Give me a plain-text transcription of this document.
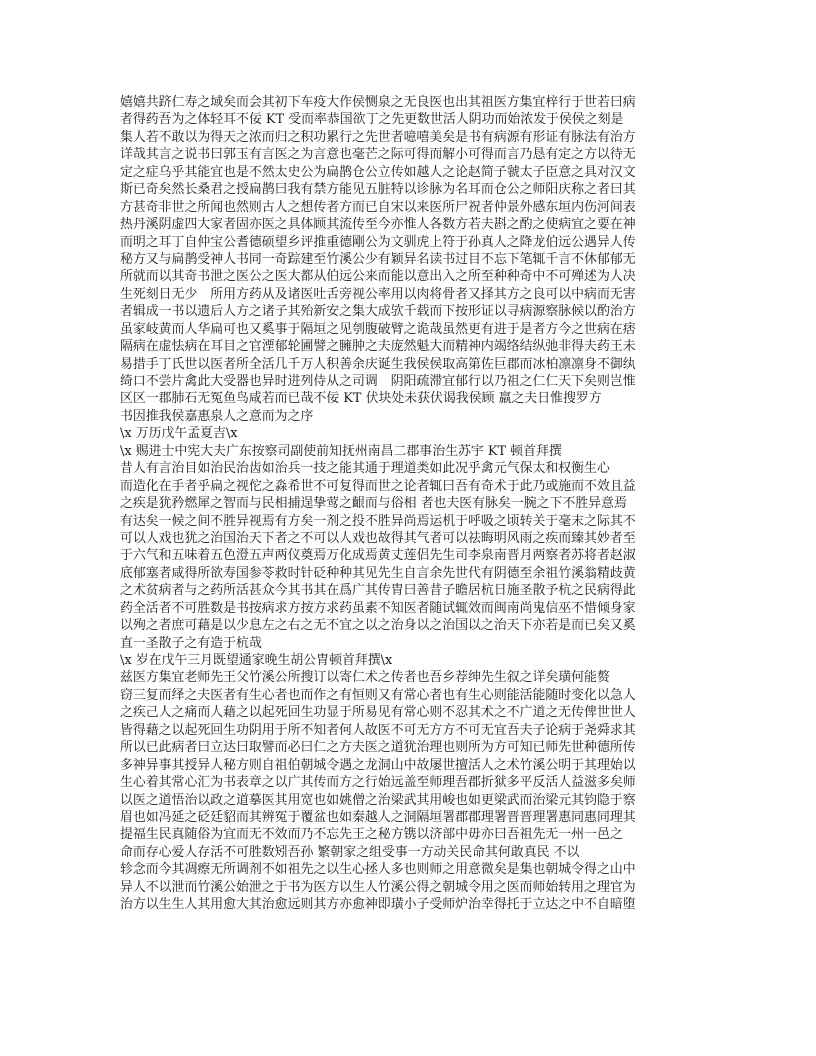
嬉嬉共跻仁寿之域矣而会其初下车疫大作侯恻泉之无良医也出其祖医方集宜梓行于世若曰病
者得药吾为之体轻耳不佞 KT 受而率恭国欲丁之先更数世活人阴功而始浓发于侯侯之刻是
集人若不敢以为得天之浓而归之积功累行之先世者噫嘻美矣是书有病源有形证有脉法有治方
详哉其言之说书曰郭玉有言医之为言意也毫芒之际可得而解小可得而言乃恳有定之方以待无
定之症乌乎其能宜也是不然太史公为扁鹊仓公立传如越人之论赵简子虢太子臣意之具对汉文
斯已奇矣然长桑君之授扁鹊曰我有禁方能见五脏特以诊脉为名耳而仓公之师阳庆称之者曰其
方甚奇非世之所闻也然则古人之想传者方而已自宋以来医所尸祝者仲景外感东垣内伤河间表
热丹溪阴虚四大家者固亦医之具体顾其流传至今亦惟人各数方若夫斟之酌之使病宜之要在神
而明之耳丁自仲宝公耆德硕望乡评推重德剛公为文驯虎上符于孙真人之降龙伯远公遇异人传
秘方又与扁鹊受神人书同一奇踪建至竹溪公少有颖异名读书过目不忘下笔辄千言不休郁郁无
所就而以其奇书泄之医公之医大都从伯远公来而能以意出入之所至种种奇中不可殚述为人决
生死刻日无少　所用方药从及诸医吐舌旁视公率用以肉将骨者又择其方之良可以中病而无害
者辑成一书以遗后人方之诸子其殆新安之集大成欤千载而下按形证以寻病源察脉候以酌治方
虽家岐黄而人华扁可也又奚事于隔垣之见刳腹破臂之诡哉虽然更有进于是者方今之世病在痞
隔病在虚怯病在耳目之官湮郁轮圃譬之臃肿之夫庞然魁大而精神内竭络结纵弛非得夫药王未
易措手丁氏世以医者所全活几千万人积善余庆诞生我侯侯取高第佐巨郡而冰柏凛凛身不御纨
绮口不尝片禽此大受器也异时进列侍从之司调　阴阳疏滞宜郁行以乃祖之仁仁天下矣则岂惟
区区一郡肺石无冤鱼鸟咸若而已哉不佞 KT 伏块处未获伏谒我侯顾 羸之夫日惟搜罗方
书因推我侯嘉惠泉人之意而为之序
\x 万历戊午孟夏吉\x
\x 赐进士中宪大夫广东按察司副使前知抚州南昌二郡事治生苏宇 KT 顿首拜撰
昔人有言治目如治民治齿如治兵一技之能其通于理道类如此况乎禽元气保太和权衡生心
而造化在手者乎扁之视佗之淼希世不可复得而世之论者辄曰吾有奇术于此乃或施而不效且益
之疾是犹矜燃犀之智而与民相捕逞挚莺之齦而与俗相 者也夫医有脉矣一腕之下不胜异意焉
有达矣一候之间不胜异视焉有方矣一剂之投不胜异尚焉运机于呼吸之顷转关于毫末之际其不
可以人戏也犹之治国治天下者之不可以人戏也故得其气者可以祛晦明风雨之疾而臻其妙者至
于六气和五味着五色澄五声两仪奠焉万化成焉黄丈莲侣先生司李泉南晋月两察者苏将者赵淑
底郁塞者咸得所欲寿国参苓救时针砭种种其见先生自言余先世代有阴德至余祖竹溪翁精歧黄
之术贫病者与之药所活甚众今其书其在爲广其传胄曰善昔子瞻居杭日施圣散予杭之民病得此
药全活者不可胜数是书按病求方按方求药虽素不知医者随试辄效而闽南尚鬼信巫不惜倾身家
以殉之者庶可藉是以少息左之右之无不宜之以之治身以之治国以之治天下亦若是而已矣又奚
直一圣散子之有造于杭哉
\x 岁在戊午三月既望通家晚生胡公胄顿首拜撰\x
兹医方集宜老师先王父竹溪公所搜订以寄仁术之传者也吾乡荐绅先生叙之详矣璜何能赘
窃三复而绎之夫医者有生心者也而作之有恒则又有常心者也有生心则能活能随时变化以急人
之疾己人之痛而人藉之以起死回生功显于所易见有常心则不忍其术之不广道之无传俾世世人
皆得藉之以起死回生功阴用于所不知者何人故医不可无方方不可无宜吾夫子论病于尧舜求其
所以已此病者曰立达曰取譬而必曰仁之方夫医之道犹治理也则所为方可知已师先世种德所传
多神异事其授异人秘方则自祖伯朝城令遇之龙洞山中故屡世擅活人之术竹溪公明于其理始以
生心着其常心汇为书表章之以广其传而方之行始远盖至师理吾郡折狱多平反活人益滋多矣师
以医之道悟治以政之道摹医其用宽也如姚僧之治梁武其用峻也如更梁武而治梁元其钧隐于察
眉也如冯延之砭廷貂而其辨冤于覆盆也如秦越人之洞隔垣署郡郡理署晋晋理署惠同惠同理其
提福生民真随俗为宜而无不效而乃不忘先王之秘方镌以济部中毋亦曰吾祖先无一州一邑之
命而存心爱人存活不可胜数矧吾孙 繁朝家之组受事一方动关民命其何敢真民 不以
轸念而今其凋瘵无所调剂不如祖先之以生心拯人多也则师之用意微矣是集也朝城令得之山中
异人不以泄而竹溪公始泄之于书为医方以生人竹溪公得之朝城令用之医而师始转用之理官为
治方以生生人其用愈大其治愈远则其方亦愈神即璜小子受师炉治幸得托于立达之中不自暗堕
